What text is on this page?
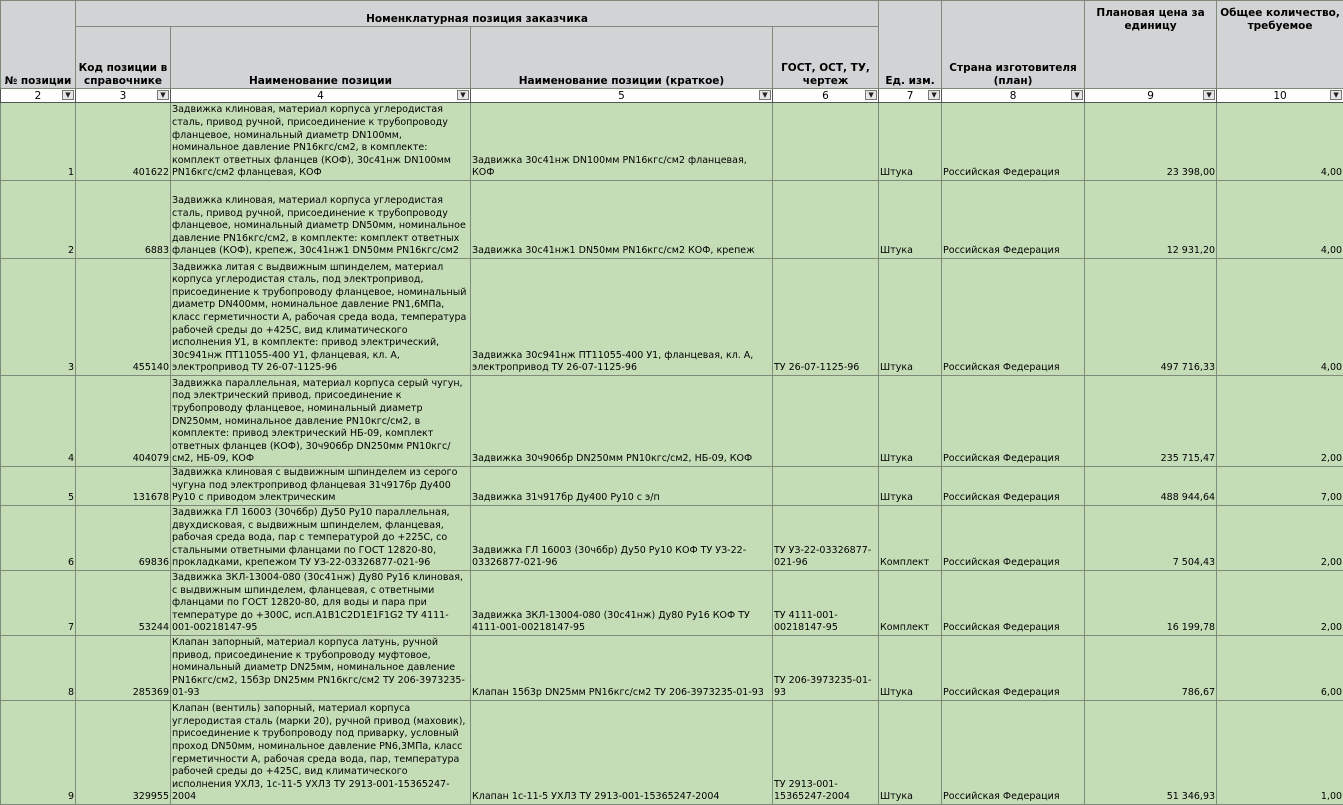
№ позиции	Номенклатурная позиция заказчика				Ед. изм.	Страна изготовителя (план)	Плановая цена за единицу	Общее количество, требуемое
	Код позиции в справочнике	Наименование позиции	Наименование позиции (краткое)	ГОСТ, ОСТ, ТУ, чертеж				
2 ▼	3 ▼	4 ▼	5 ▼	6 ▼	7 ▼	8 ▼	9 ▼	10 ▼

1	401622	Задвижка клиновая, материал корпуса углеродистая сталь, привод ручной, присоединение к трубопроводу фланцевое, номинальный диаметр DN100мм, номинальное давление PN16кгс/см2, в комплекте: комплект ответных фланцев (КОФ), 30с41нж DN100мм PN16кгс/см2 фланцевая, КОФ	Задвижка 30с41нж DN100мм PN16кгс/см2 фланцевая, КОФ		Штука	Российская Федерация	23 398,00	4,00
2	6883	Задвижка клиновая, материал корпуса углеродистая сталь, привод ручной, присоединение к трубопроводу фланцевое, номинальный диаметр DN50мм, номинальное давление PN16кгс/см2, в комплекте: комплект ответных фланцев (КОФ), крепеж, 30с41нж1 DN50мм PN16кгс/см2	Задвижка 30с41нж1 DN50мм PN16кгс/см2 КОФ, крепеж		Штука	Российская Федерация	12 931,20	4,00
3	455140	Задвижка литая с выдвижным шпинделем, материал корпуса углеродистая сталь, под электропривод, присоединение к трубопроводу фланцевое, номинальный диаметр DN400мм, номинальное давление PN1,6МПа, класс герметичности А, рабочая среда вода, температура рабочей среды до +425С, вид климатического исполнения У1, в комплекте: привод электрический, 30с941нж ПТ11055-400 У1, фланцевая, кл. А, электропривод ТУ 26-07-1125-96	Задвижка 30с941нж ПТ11055-400 У1, фланцевая, кл. А, электропривод ТУ 26-07-1125-96	ТУ 26-07-1125-96	Штука	Российская Федерация	497 716,33	4,00
4	404079	Задвижка параллельная, материал корпуса серый чугун, под электрический привод, присоединение к трубопроводу фланцевое, номинальный диаметр DN250мм, номинальное давление PN10кгс/см2, в комплекте: привод электрический НБ-09, комплект ответных фланцев (КОФ), 30ч906бр DN250мм PN10кгс/см2, НБ-09, КОФ	Задвижка 30ч906бр DN250мм PN10кгс/см2, НБ-09, КОФ		Штука	Российская Федерация	235 715,47	2,00
5	131678	Задвижка клиновая с выдвижным шпинделем из серого чугуна под электропривод фланцевая 31ч917бр Ду400 Ру10 с приводом электрическим	Задвижка 31ч917бр Ду400 Ру10 с э/п		Штука	Российская Федерация	488 944,64	7,00
6	69836	Задвижка ГЛ 16003 (30ч6бр) Ду50 Ру10 параллельная, двухдисковая, с выдвижным шпинделем, фланцевая, рабочая среда вода, пар с температурой до +225С, со стальными ответными фланцами по ГОСТ 12820-80, прокладками, крепежом ТУ УЗ-22-03326877-021-96	Задвижка ГЛ 16003 (30ч6бр) Ду50 Ру10 КОФ ТУ УЗ-22-03326877-021-96	ТУ УЗ-22-03326877-021-96	Комплект	Российская Федерация	7 504,43	2,00
7	53244	Задвижка ЗКЛ-13004-080 (30с41нж) Ду80 Ру16 клиновая, с выдвижным шпинделем, фланцевая, с ответными фланцами по ГОСТ 12820-80, для воды и пара при температуре до +300С, исп.А1В1С2D1Е1F1G2 ТУ 4111-001-00218147-95	Задвижка ЗКЛ-13004-080 (30с41нж) Ду80 Ру16 КОФ ТУ 4111-001-00218147-95	ТУ 4111-001-00218147-95	Комплект	Российская Федерация	16 199,78	2,00
8	285369	Клапан запорный, материал корпуса латунь, ручной привод, присоединение к трубопроводу муфтовое, номинальный диаметр DN25мм, номинальное давление PN16кгс/см2, 15б3р DN25мм PN16кгс/см2 ТУ 206-3973235-01-93	Клапан 15б3р DN25мм PN16кгс/см2 ТУ 206-3973235-01-93	ТУ 206-3973235-01-93	Штука	Российская Федерация	786,67	6,00
9	329955	Клапан (вентиль) запорный, материал корпуса углеродистая сталь (марки 20), ручной привод (маховик), присоединение к трубопроводу под приварку, условный проход DN50мм, номинальное давление PN6,3МПа, класс герметичности А, рабочая среда вода, пар, температура рабочей среды до +425С, вид климатического исполнения УХЛ3, 1с-11-5 УХЛ3 ТУ 2913-001-15365247-2004	Клапан 1с-11-5 УХЛ3 ТУ 2913-001-15365247-2004	ТУ 2913-001-15365247-2004	Штука	Российская Федерация	51 346,93	1,00
